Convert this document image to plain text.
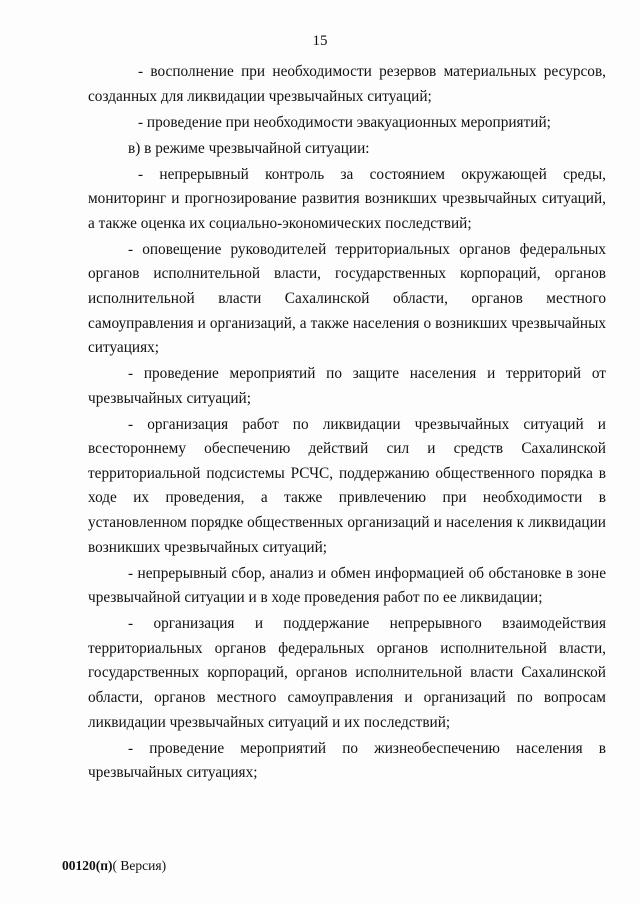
15

- восполнение при необходимости резервов материальных ресурсов, созданных для ликвидации чрезвычайных ситуаций;

- проведение при необходимости эвакуационных мероприятий;

в) в режиме чрезвычайной ситуации:

- непрерывный контроль за состоянием окружающей среды, мониторинг и прогнозирование развития возникших чрезвычайных ситуаций, а также оценка их социально-экономических последствий;

- оповещение руководителей территориальных органов федеральных органов исполнительной власти, государственных корпораций, органов исполнительной власти Сахалинской области, органов местного самоуправления и организаций, а также населения о возникших чрезвычайных ситуациях;

- проведение мероприятий по защите населения и территорий от чрезвычайных ситуаций;

- организация работ по ликвидации чрезвычайных ситуаций и всестороннему обеспечению действий сил и средств Сахалинской территориальной подсистемы РСЧС, поддержанию общественного порядка в ходе их проведения, а также привлечению при необходимости в установленном порядке общественных организаций и населения к ликвидации возникших чрезвычайных ситуаций;

- непрерывный сбор, анализ и обмен информацией об обстановке в зоне чрезвычайной ситуации и в ходе проведения работ по ее ликвидации;

- организация и поддержание непрерывного взаимодействия территориальных органов федеральных органов исполнительной власти, государственных корпораций, органов исполнительной власти Сахалинской области, органов местного самоуправления и организаций по вопросам ликвидации чрезвычайных ситуаций и их последствий;

- проведение мероприятий по жизнеобеспечению населения в чрезвычайных ситуациях;

00120(п)( Версия)
